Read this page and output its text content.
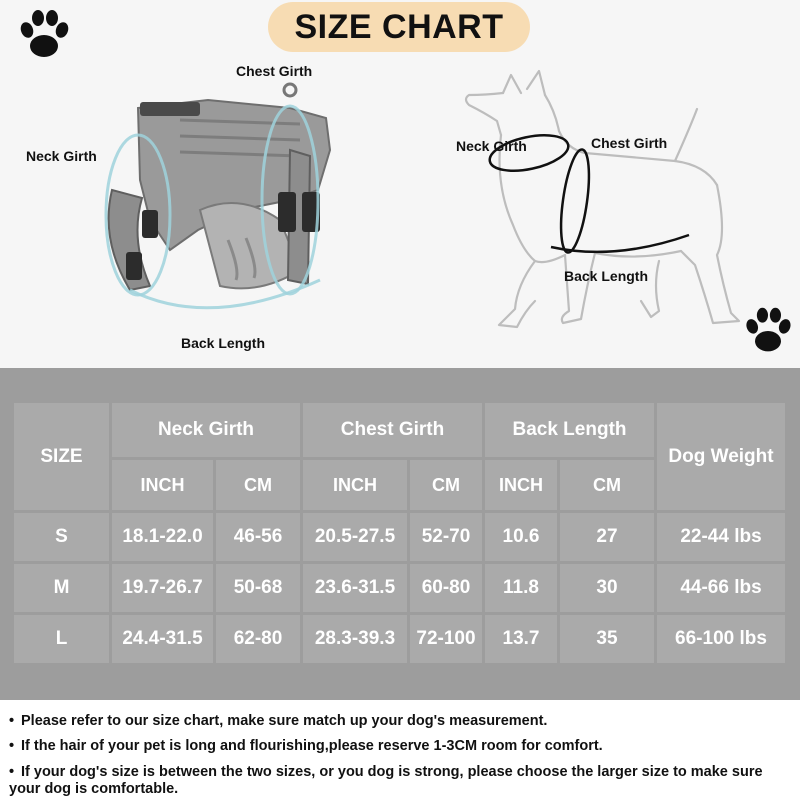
SIZE CHART
Chest Girth
Neck Girth
Back Length
Neck Girth	Chest Girth
Back Length
SIZE	Neck Girth		Chest Girth		Back Length		Dog Weight
	INCH	CM	INCH	CM	INCH	CM	
S	18.1-22.0	46-56	20.5-27.5	52-70	10.6	27	22-44 lbs
M	19.7-26.7	50-68	23.6-31.5	60-80	11.8	30	44-66 lbs
L	24.4-31.5	62-80	28.3-39.3	72-100	13.7	35	66-100 lbs
• Please refer to our size chart, make sure match up your dog's measurement.
• If the hair of your pet is long and flourishing,please reserve 1-3CM room for comfort.
• If your dog's size is between the two sizes, or you dog is strong, please choose the larger size to make sure your dog is comfortable.
